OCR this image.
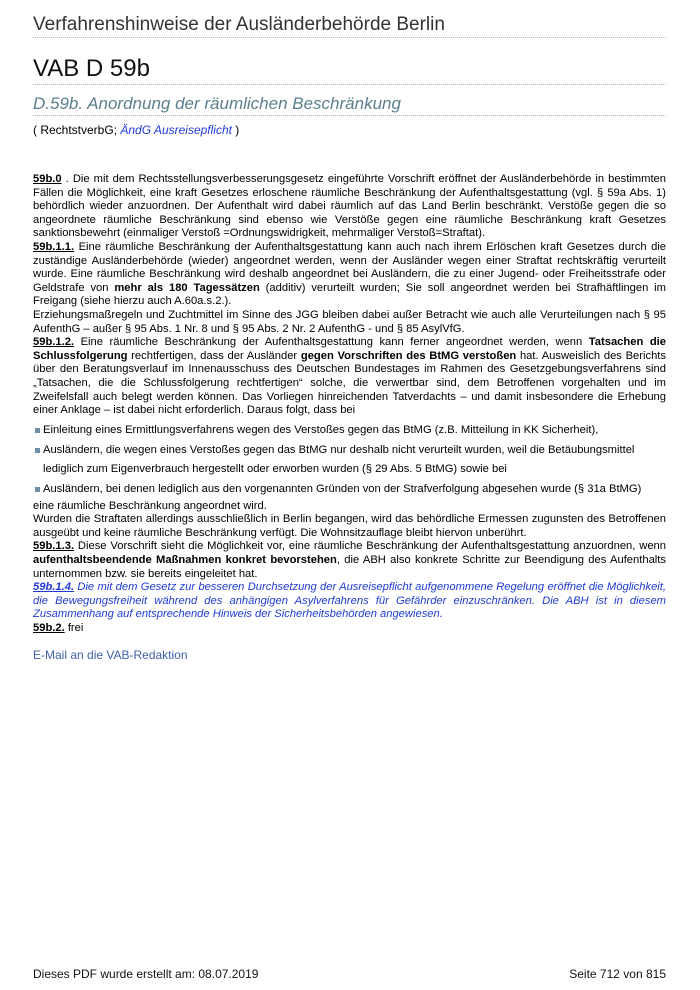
Verfahrenshinweise der Ausländerbehörde Berlin
VAB D 59b
D.59b. Anordnung der räumlichen Beschränkung
( RechtstverbG; ÄndG Ausreisepflicht )

59b.0 . Die mit dem Rechtsstellungsverbesserungsgesetz eingeführte Vorschrift eröffnet der Ausländerbehörde in bestimmten Fällen die Möglichkeit, eine kraft Gesetzes erloschene räumliche Beschränkung der Aufenthaltsgestattung (vgl. § 59a Abs. 1) behördlich wieder anzuordnen. Der Aufenthalt wird dabei räumlich auf das Land Berlin beschränkt. Verstöße gegen die so angeordnete räumliche Beschränkung sind ebenso wie Verstöße gegen eine räumliche Beschränkung kraft Gesetzes sanktionsbewehrt (einmaliger Verstoß =Ordnungswidrigkeit, mehrmaliger Verstoß=Straftat).

59b.1.1. Eine räumliche Beschränkung der Aufenthaltsgestattung kann auch nach ihrem Erlöschen kraft Gesetzes durch die zuständige Ausländerbehörde (wieder) angeordnet werden, wenn der Ausländer wegen einer Straftat rechtskräftig verurteilt wurde. Eine räumliche Beschränkung wird deshalb angeordnet bei Ausländern, die zu einer Jugend- oder Freiheitsstrafe oder Geldstrafe von mehr als 180 Tagessätzen (additiv) verurteilt wurden; Sie soll angeordnet werden bei Strafhäftlingen im Freigang (siehe hierzu auch A.60a.s.2.).

Erziehungsmaßregeln und Zuchtmittel im Sinne des JGG bleiben dabei außer Betracht wie auch alle Verurteilungen nach § 95 AufenthG – außer § 95 Abs. 1 Nr. 8 und § 95 Abs. 2 Nr. 2 AufenthG - und § 85 AsylVfG.

59b.1.2. Eine räumliche Beschränkung der Aufenthaltsgestattung kann ferner angeordnet werden, wenn Tatsachen die Schlussfolgerung rechtfertigen, dass der Ausländer gegen Vorschriften des BtMG verstoßen hat. Ausweislich des Berichts über den Beratungsverlauf im Innenausschuss des Deutschen Bundestages im Rahmen des Gesetzgebungsverfahrens sind „Tatsachen, die die Schlussfolgerung rechtfertigen“ solche, die verwertbar sind, dem Betroffenen vorgehalten und im Zweifelsfall auch belegt werden können. Das Vorliegen hinreichenden Tatverdachts – und damit insbesondere die Erhebung einer Anklage – ist dabei nicht erforderlich. Daraus folgt, dass bei

Einleitung eines Ermittlungsverfahrens wegen des Verstoßes gegen das BtMG (z.B. Mitteilung in KK Sicherheit),
Ausländern, die wegen eines Verstoßes gegen das BtMG nur deshalb nicht verurteilt wurden, weil die Betäubungsmittel lediglich zum Eigenverbrauch hergestellt oder erworben wurden (§ 29 Abs. 5 BtMG) sowie bei
Ausländern, bei denen lediglich aus den vorgenannten Gründen von der Strafverfolgung abgesehen wurde (§ 31a BtMG)

eine räumliche Beschränkung angeordnet wird.

Wurden die Straftaten allerdings ausschließlich in Berlin begangen, wird das behördliche Ermessen zugunsten des Betroffenen ausgeübt und keine räumliche Beschränkung verfügt. Die Wohnsitzauflage bleibt hiervon unberührt.

59b.1.3. Diese Vorschrift sieht die Möglichkeit vor, eine räumliche Beschränkung der Aufenthaltsgestattung anzuordnen, wenn aufenthaltsbeendende Maßnahmen konkret bevorstehen, die ABH also konkrete Schritte zur Beendigung des Aufenthalts unternommen bzw. sie bereits eingeleitet hat.

59b.1.4. Die mit dem Gesetz zur besseren Durchsetzung der Ausreisepflicht aufgenommene Regelung eröffnet die Möglichkeit, die Bewegungsfreiheit während des anhängigen Asylverfahrens für Gefährder einzuschränken. Die ABH ist in diesem Zusammenhang auf entsprechende Hinweis der Sicherheitsbehörden angewiesen.

59b.2. frei

E-Mail an die VAB-Redaktion
Dieses PDF wurde erstellt am: 08.07.2019	Seite 712 von 815
